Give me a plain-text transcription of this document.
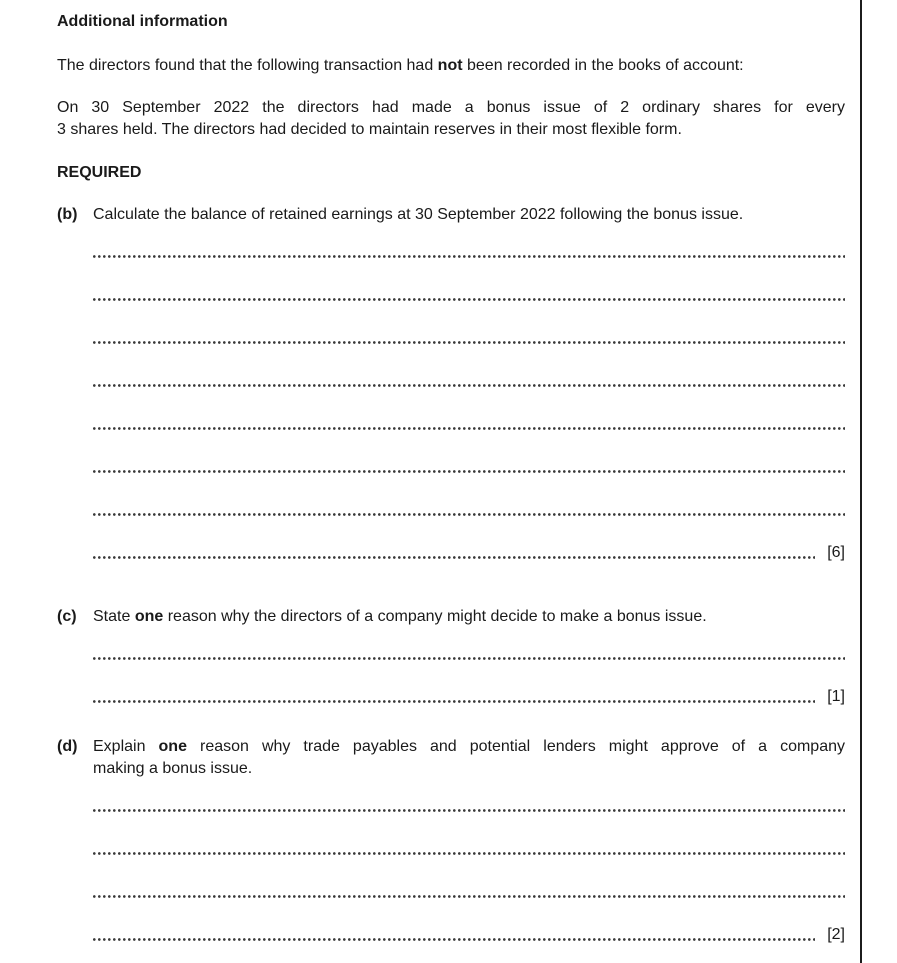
Additional information

The directors found that the following transaction had not been recorded in the books of account:

On 30 September 2022 the directors had made a bonus issue of 2 ordinary shares for every
3 shares held. The directors had decided to maintain reserves in their most flexible form.

REQUIRED
(b) Calculate the balance of retained earnings at 30 September 2022 following the bonus issue.

[6]
(c)	State one reason why the directors of a company might decide to make a bonus issue.

[1]
(d) Explain one reason why trade payables and potential lenders might approve of a company
making a bonus issue.
[2]
